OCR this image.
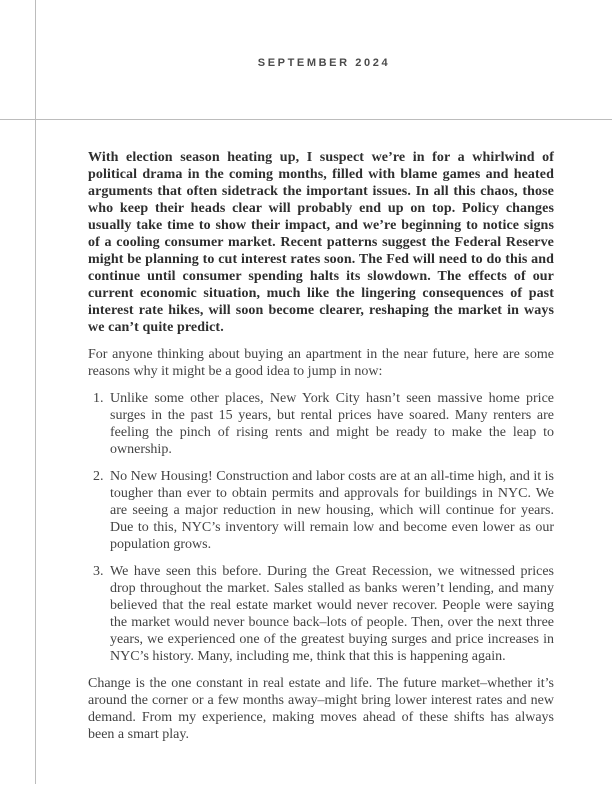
SEPTEMBER 2024

With election season heating up, I suspect we’re in for a whirlwind of political drama in the coming months, filled with blame games and heated arguments that often sidetrack the important issues. In all this chaos, those who keep their heads clear will probably end up on top. Policy changes usually take time to show their impact, and we’re beginning to notice signs of a cooling consumer market. Recent patterns suggest the Federal Reserve might be planning to cut interest rates soon. The Fed will need to do this and continue until consumer spending halts its slowdown. The effects of our current economic situation, much like the lingering consequences of past interest rate hikes, will soon become clearer, reshaping the market in ways we can’t quite predict.

For anyone thinking about buying an apartment in the near future, here are some reasons why it might be a good idea to jump in now:

1. Unlike some other places, New York City hasn’t seen massive home price surges in the past 15 years, but rental prices have soared. Many renters are feeling the pinch of rising rents and might be ready to make the leap to ownership.
2. No New Housing! Construction and labor costs are at an all-time high, and it is tougher than ever to obtain permits and approvals for buildings in NYC. We are seeing a major reduction in new housing, which will continue for years. Due to this, NYC’s inventory will remain low and become even lower as our population grows.
3. We have seen this before. During the Great Recession, we witnessed prices drop throughout the market. Sales stalled as banks weren’t lending, and many believed that the real estate market would never recover. People were saying the market would never bounce back–lots of people. Then, over the next three years, we experienced one of the greatest buying surges and price increases in NYC’s history. Many, including me, think that this is happening again.

Change is the one constant in real estate and life. The future market–whether it’s around the corner or a few months away–might bring lower interest rates and new demand. From my experience, making moves ahead of these shifts has always been a smart play.
